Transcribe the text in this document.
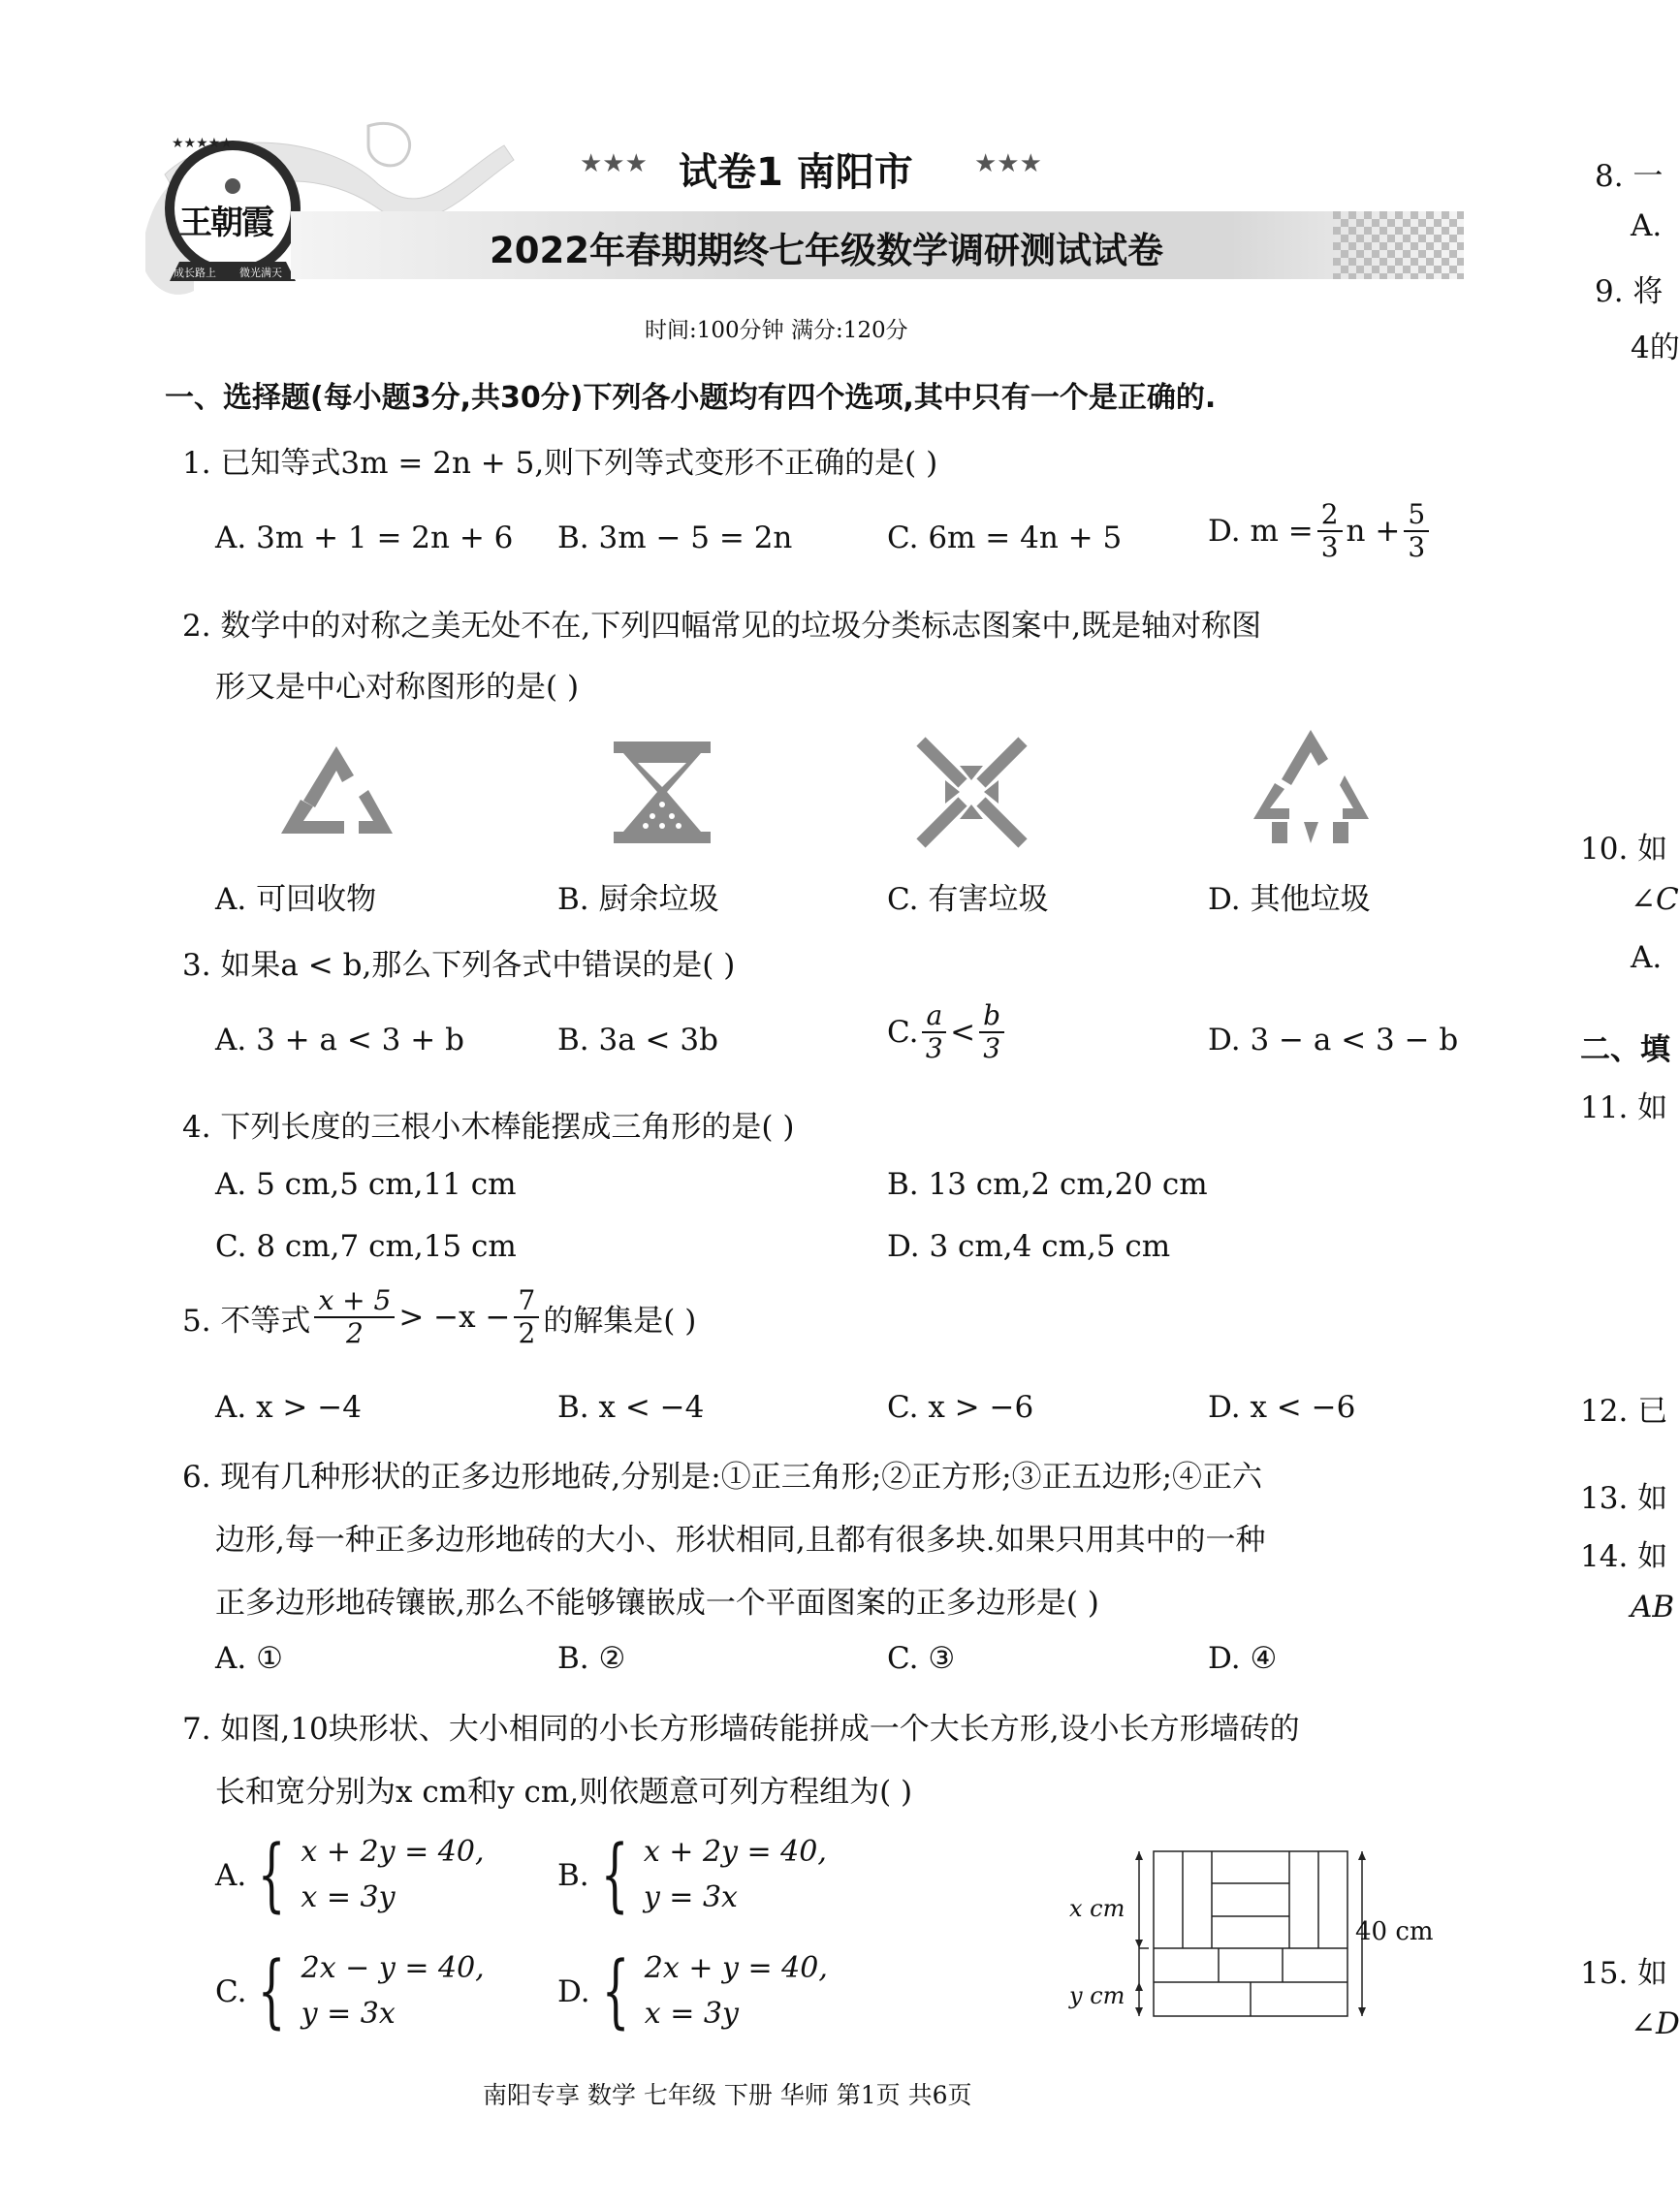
★★★★★
王朝霞
成长路上 微光满天
★★★ 试卷1 南阳市 ★★★
2022年春期期终七年级数学调研测试试卷
时间:100分钟 满分:120分
一、选择题(每小题3分,共30分)下列各小题均有四个选项,其中只有一个是正确的.
1. 已知等式3m = 2n + 5,则下列等式变形不正确的是( )
A. 3m + 1 = 2n + 6 B. 3m − 5 = 2n	C. 6m = 4n + 5	D. $m = \frac{2}{3}$ $n + \frac{5}{3}$
2. 数学中的对称之美无处不在,下列四幅常见的垃圾分类标志图案中,既是轴对称图
形又是中心对称图形的是( )
A. 可回收物	B. 厨余垃圾	C. 有害垃圾	D. 其他垃圾
3. 如果a < b,那么下列各式中错误的是( )
A. 3 + a < 3 + b	B. 3a < 3b	C. $\frac{a}{3} < \frac{b}{3}$	D. 3 − a < 3 − b
4. 下列长度的三根小木棒能摆成三角形的是( )
A. 5 cm,5 cm,11 cm	B. 13 cm,2 cm,20 cm
C. 8 cm,7 cm,15 cm	D. 3 cm,4 cm,5 cm
5. 不等式 $\frac{x + 5}{2} > -x - \frac{7}{2}$ 的解集是( )
A. x > −4	B. x < −4	C. x > −6	D. x < −6
6. 现有几种形状的正多边形地砖,分别是:①正三角形;②正方形;③正五边形;④正六
边形,每一种正多边形地砖的大小、形状相同,且都有很多块.如果只用其中的一种
正多边形地砖镶嵌,那么不能够镶嵌成一个平面图案的正多边形是( )
A. ①	B. ②	C. ③	D. ④
7. 如图,10块形状、大小相同的小长方形墙砖能拼成一个大长方形,设小长方形墙砖的
长和宽分别为x cm和y cm,则依题意可列方程组为( )
A. { x + 2y = 40,
x = 3y
B. { x + 2y = 40,
y = 3x
C. { 2x − y = 40,
y = 3x
D. { 2x + y = 40,
x = 3y
x cm
y cm
40 cm
8. 一
A.
9. 将
4的
10. 如
∠C
A.
二、填
11. 如
12. 已
13. 如
14. 如
AB
15. 如
∠D
南阳专享 数学 七年级 下册 华师 第1页 共6页
